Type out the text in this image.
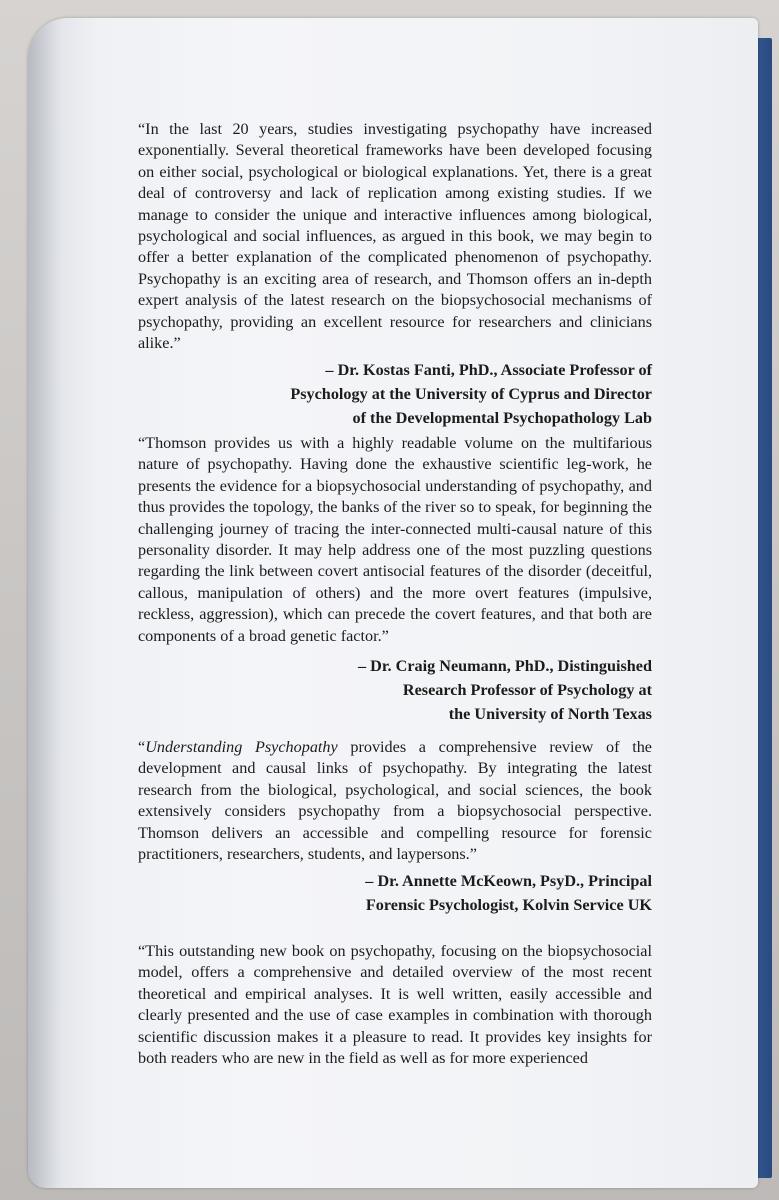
“In the last 20 years, studies investigating psychopathy have increased exponentially. Several theoretical frameworks have been developed focusing on either social, psychological or biological explanations. Yet, there is a great deal of controversy and lack of replication among existing studies. If we manage to consider the unique and interactive influences among biological, psychological and social influences, as argued in this book, we may begin to offer a better explanation of the complicated phenomenon of psychopathy. Psychopathy is an exciting area of research, and Thomson offers an in-depth expert analysis of the latest research on the biopsychosocial mechanisms of psychopathy, providing an excellent resource for researchers and clinicians alike.”

– Dr. Kostas Fanti, PhD., Associate Professor of
Psychology at the University of Cyprus and Director
of the Developmental Psychopathology Lab

“Thomson provides us with a highly readable volume on the multifarious nature of psychopathy. Having done the exhaustive scientific leg-work, he presents the evidence for a biopsychosocial understanding of psychopathy, and thus provides the topology, the banks of the river so to speak, for beginning the challenging journey of tracing the inter-connected multi-causal nature of this personality disorder. It may help address one of the most puzzling questions regarding the link between covert antisocial features of the disorder (deceitful, callous, manipulation of others) and the more overt features (impulsive, reckless, aggression), which can precede the covert features, and that both are components of a broad genetic factor.”

– Dr. Craig Neumann, PhD., Distinguished
Research Professor of Psychology at
the University of North Texas

“Understanding Psychopathy provides a comprehensive review of the development and causal links of psychopathy. By integrating the latest research from the biological, psychological, and social sciences, the book extensively considers psychopathy from a biopsychosocial perspective. Thomson delivers an accessible and compelling resource for forensic practitioners, researchers, students, and laypersons.”

– Dr. Annette McKeown, PsyD., Principal
Forensic Psychologist, Kolvin Service UK

“This outstanding new book on psychopathy, focusing on the biopsychosocial model, offers a comprehensive and detailed overview of the most recent theoretical and empirical analyses. It is well written, easily accessible and clearly presented and the use of case examples in combination with thorough scientific discussion makes it a pleasure to read. It provides key insights for both readers who are new in the field as well as for more experienced
